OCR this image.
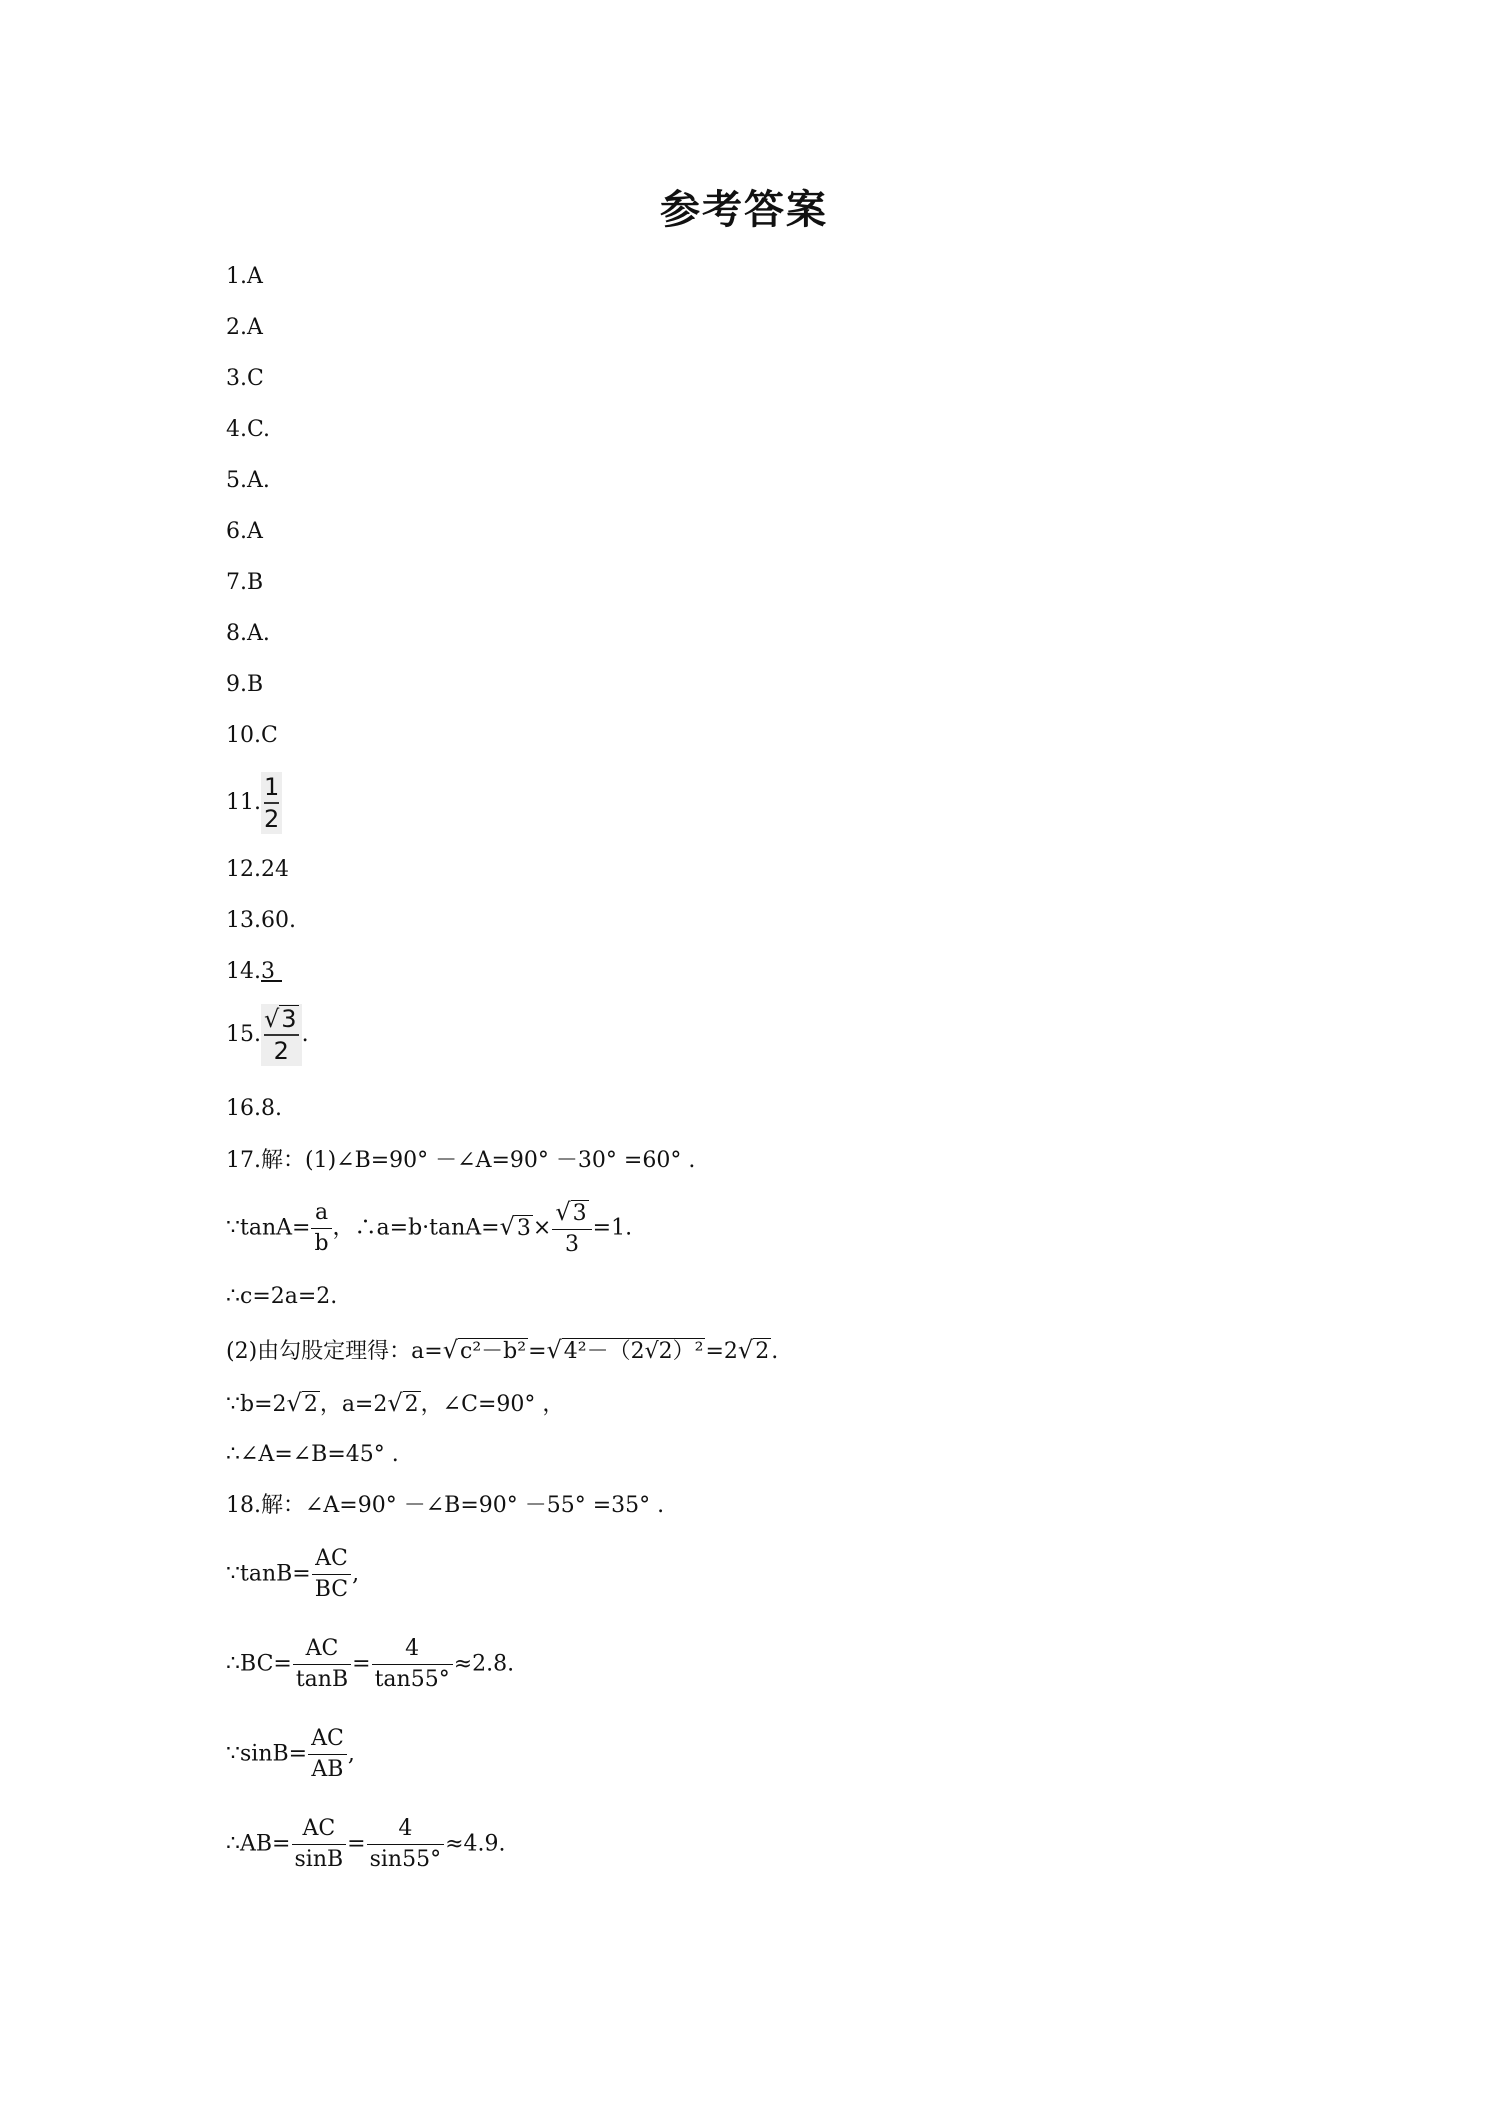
参考答案
1.A
2.A
3.C
4.C.
5.A.
6.A
7.B
8.A.
9.B
10.C
11. $\frac{1}{2}$
12.24
13.60.
14.3
15. $\frac{√3}{2}$ .
16.8.
17.解：(1)∠B=90° －∠A=90° －30° =60° .
∵tanA= $\frac{a}{b}$ ，∴a=b·tanA=√3× $\frac{√3}{3} =1$.
∴c=2a=2.
(2)由勾股定理得：a=√c²－b²=√4²－（2√2）²=2√2.
∵b=2√2，a=2√2，∠C=90° ，
∴∠A=∠B=45° .
18.解：∠A=90° －∠B=90° －55° =35° .
∵tanB= $\frac{AC}{BC}$ ,
∴BC= $\frac{AC}{\tan B} = \frac{4}{\tan 55^\circ} \approx 2.8$.
∵sinB= $\frac{AC}{AB}$ ,
∴AB= $\frac{AC}{\sin B} = \frac{4}{\sin 55^\circ} \approx 4.9$.
